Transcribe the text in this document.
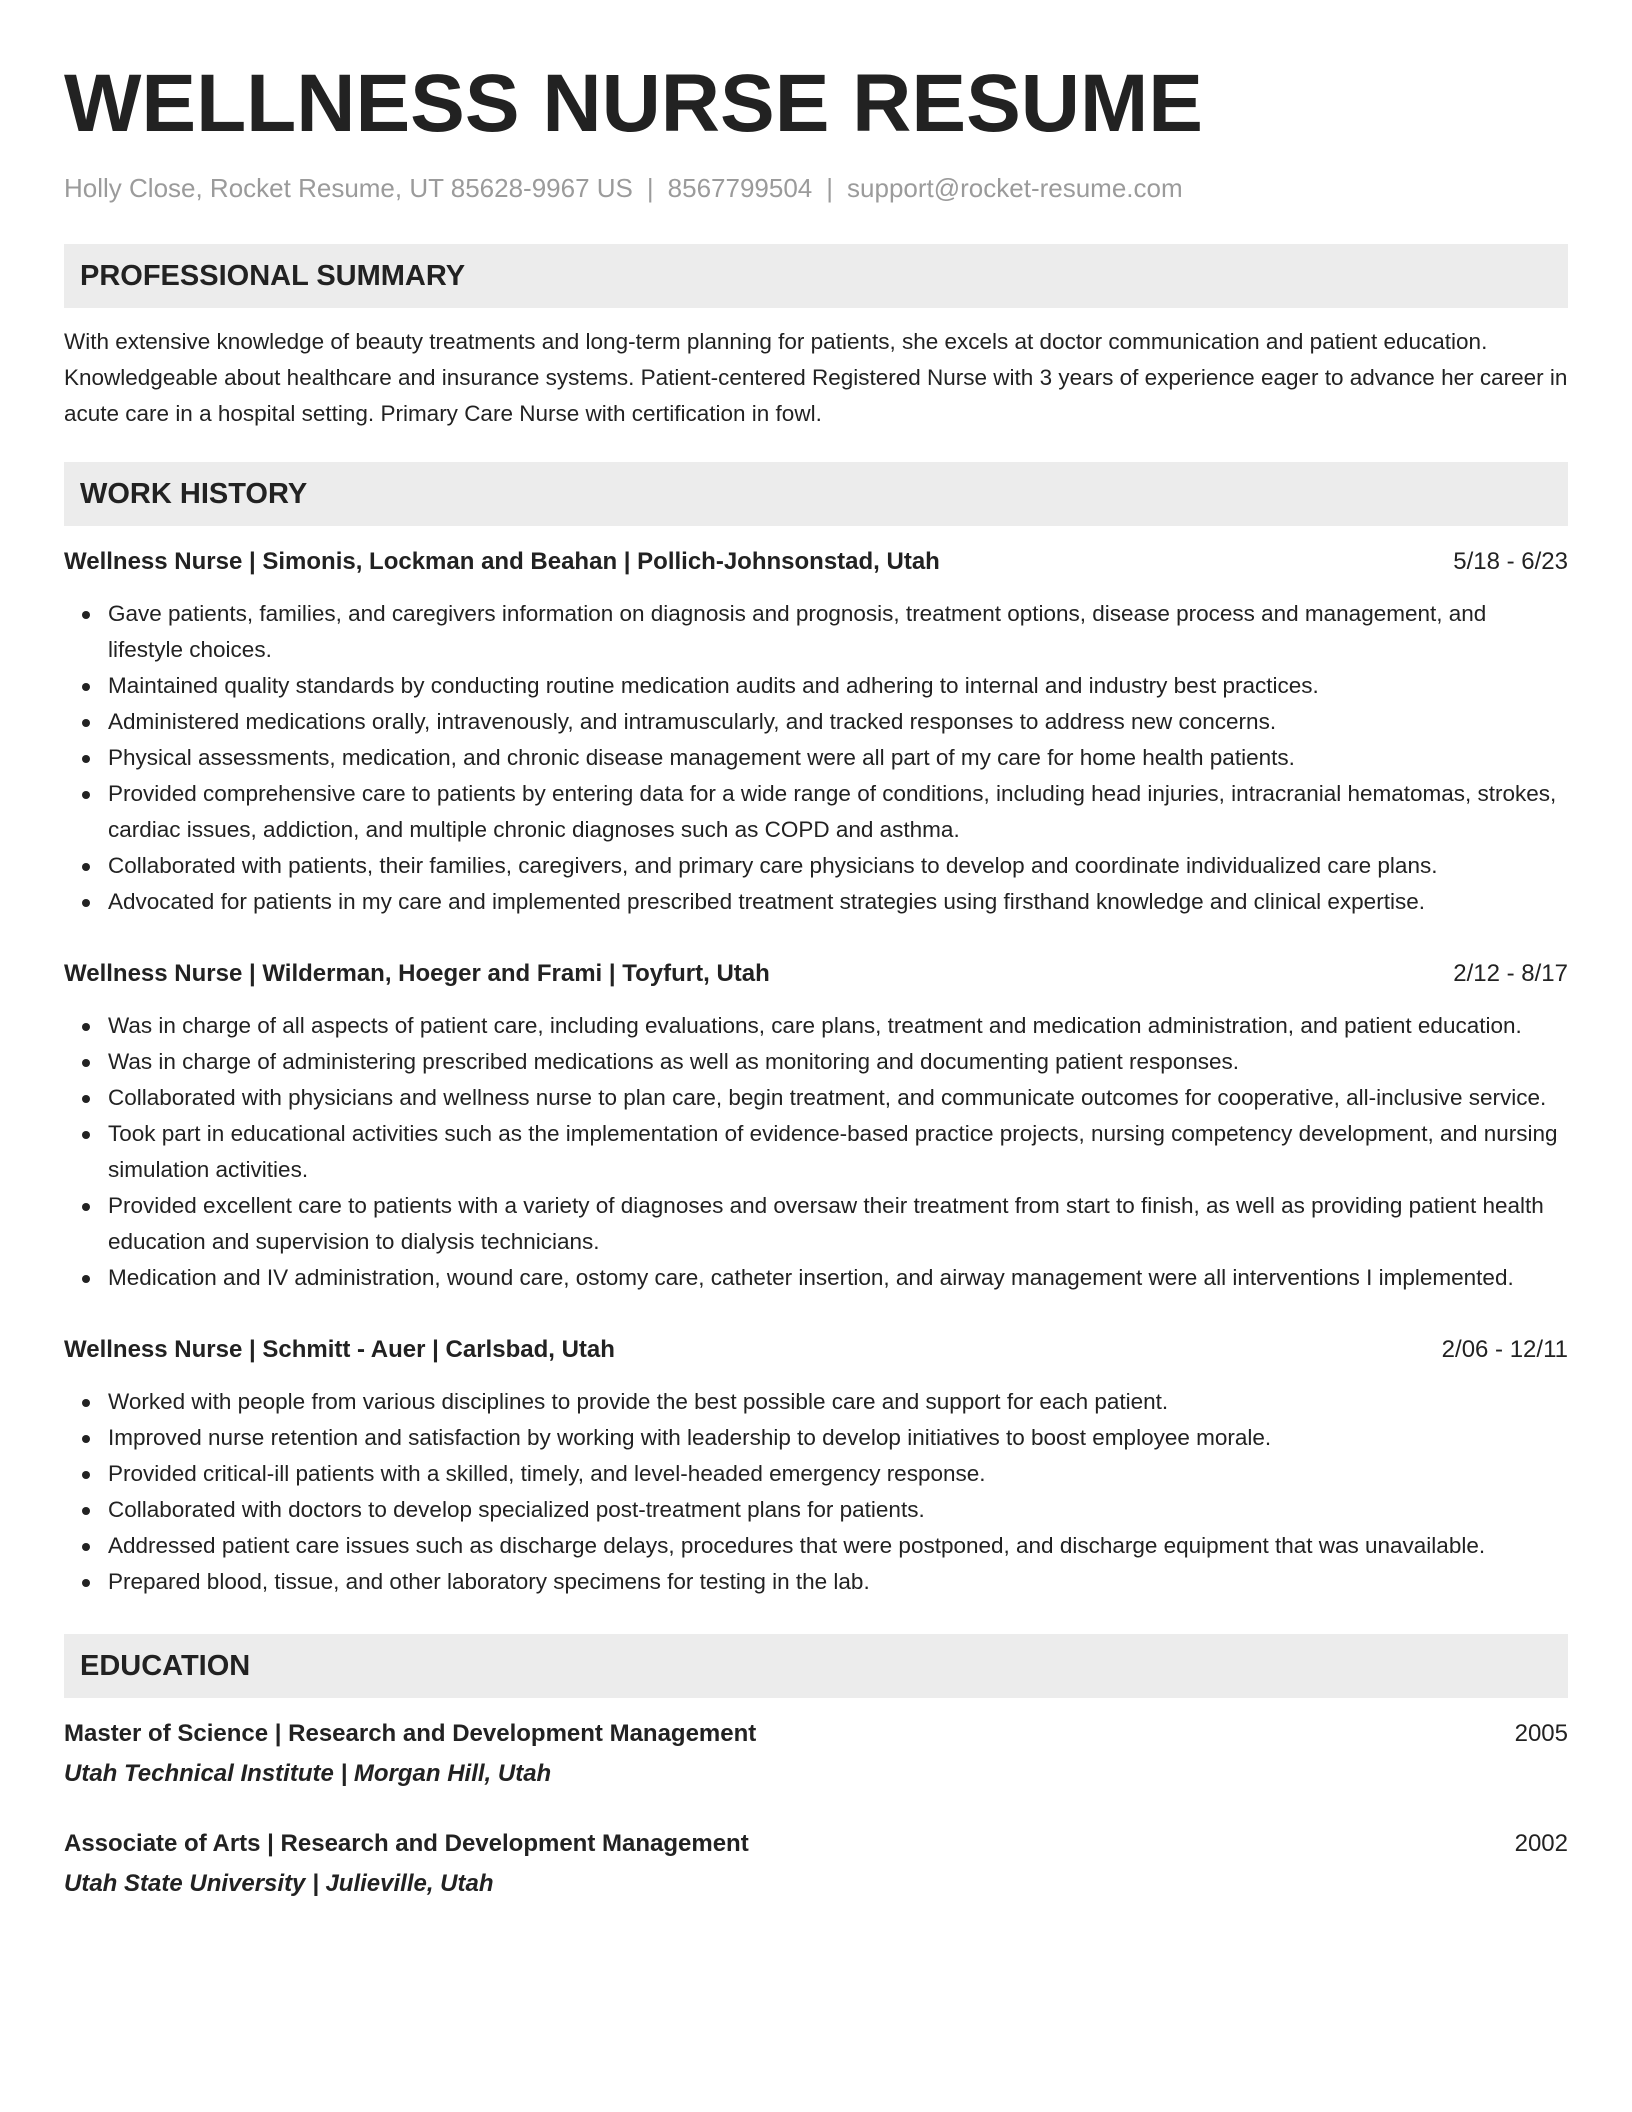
WELLNESS NURSE RESUME
Holly Close, Rocket Resume, UT 85628-9967 US | 8567799504 | support@rocket-resume.com
PROFESSIONAL SUMMARY
With extensive knowledge of beauty treatments and long-term planning for patients, she excels at doctor communication and patient education. Knowledgeable about healthcare and insurance systems. Patient-centered Registered Nurse with 3 years of experience eager to advance her career in acute care in a hospital setting. Primary Care Nurse with certification in fowl.
WORK HISTORY
Wellness Nurse | Simonis, Lockman and Beahan | Pollich-Johnsonstad, Utah	5/18 - 6/23
Gave patients, families, and caregivers information on diagnosis and prognosis, treatment options, disease process and management, and lifestyle choices.
Maintained quality standards by conducting routine medication audits and adhering to internal and industry best practices.
Administered medications orally, intravenously, and intramuscularly, and tracked responses to address new concerns.
Physical assessments, medication, and chronic disease management were all part of my care for home health patients.
Provided comprehensive care to patients by entering data for a wide range of conditions, including head injuries, intracranial hematomas, strokes, cardiac issues, addiction, and multiple chronic diagnoses such as COPD and asthma.
Collaborated with patients, their families, caregivers, and primary care physicians to develop and coordinate individualized care plans.
Advocated for patients in my care and implemented prescribed treatment strategies using firsthand knowledge and clinical expertise.
Wellness Nurse | Wilderman, Hoeger and Frami | Toyfurt, Utah	2/12 - 8/17
Was in charge of all aspects of patient care, including evaluations, care plans, treatment and medication administration, and patient education.
Was in charge of administering prescribed medications as well as monitoring and documenting patient responses.
Collaborated with physicians and wellness nurse to plan care, begin treatment, and communicate outcomes for cooperative, all-inclusive service.
Took part in educational activities such as the implementation of evidence-based practice projects, nursing competency development, and nursing simulation activities.
Provided excellent care to patients with a variety of diagnoses and oversaw their treatment from start to finish, as well as providing patient health education and supervision to dialysis technicians.
Medication and IV administration, wound care, ostomy care, catheter insertion, and airway management were all interventions I implemented.
Wellness Nurse | Schmitt - Auer | Carlsbad, Utah	2/06 - 12/11
Worked with people from various disciplines to provide the best possible care and support for each patient.
Improved nurse retention and satisfaction by working with leadership to develop initiatives to boost employee morale.
Provided critical-ill patients with a skilled, timely, and level-headed emergency response.
Collaborated with doctors to develop specialized post-treatment plans for patients.
Addressed patient care issues such as discharge delays, procedures that were postponed, and discharge equipment that was unavailable.
Prepared blood, tissue, and other laboratory specimens for testing in the lab.
EDUCATION
Master of Science | Research and Development Management	2005
Utah Technical Institute | Morgan Hill, Utah
Associate of Arts | Research and Development Management	2002
Utah State University | Julieville, Utah
